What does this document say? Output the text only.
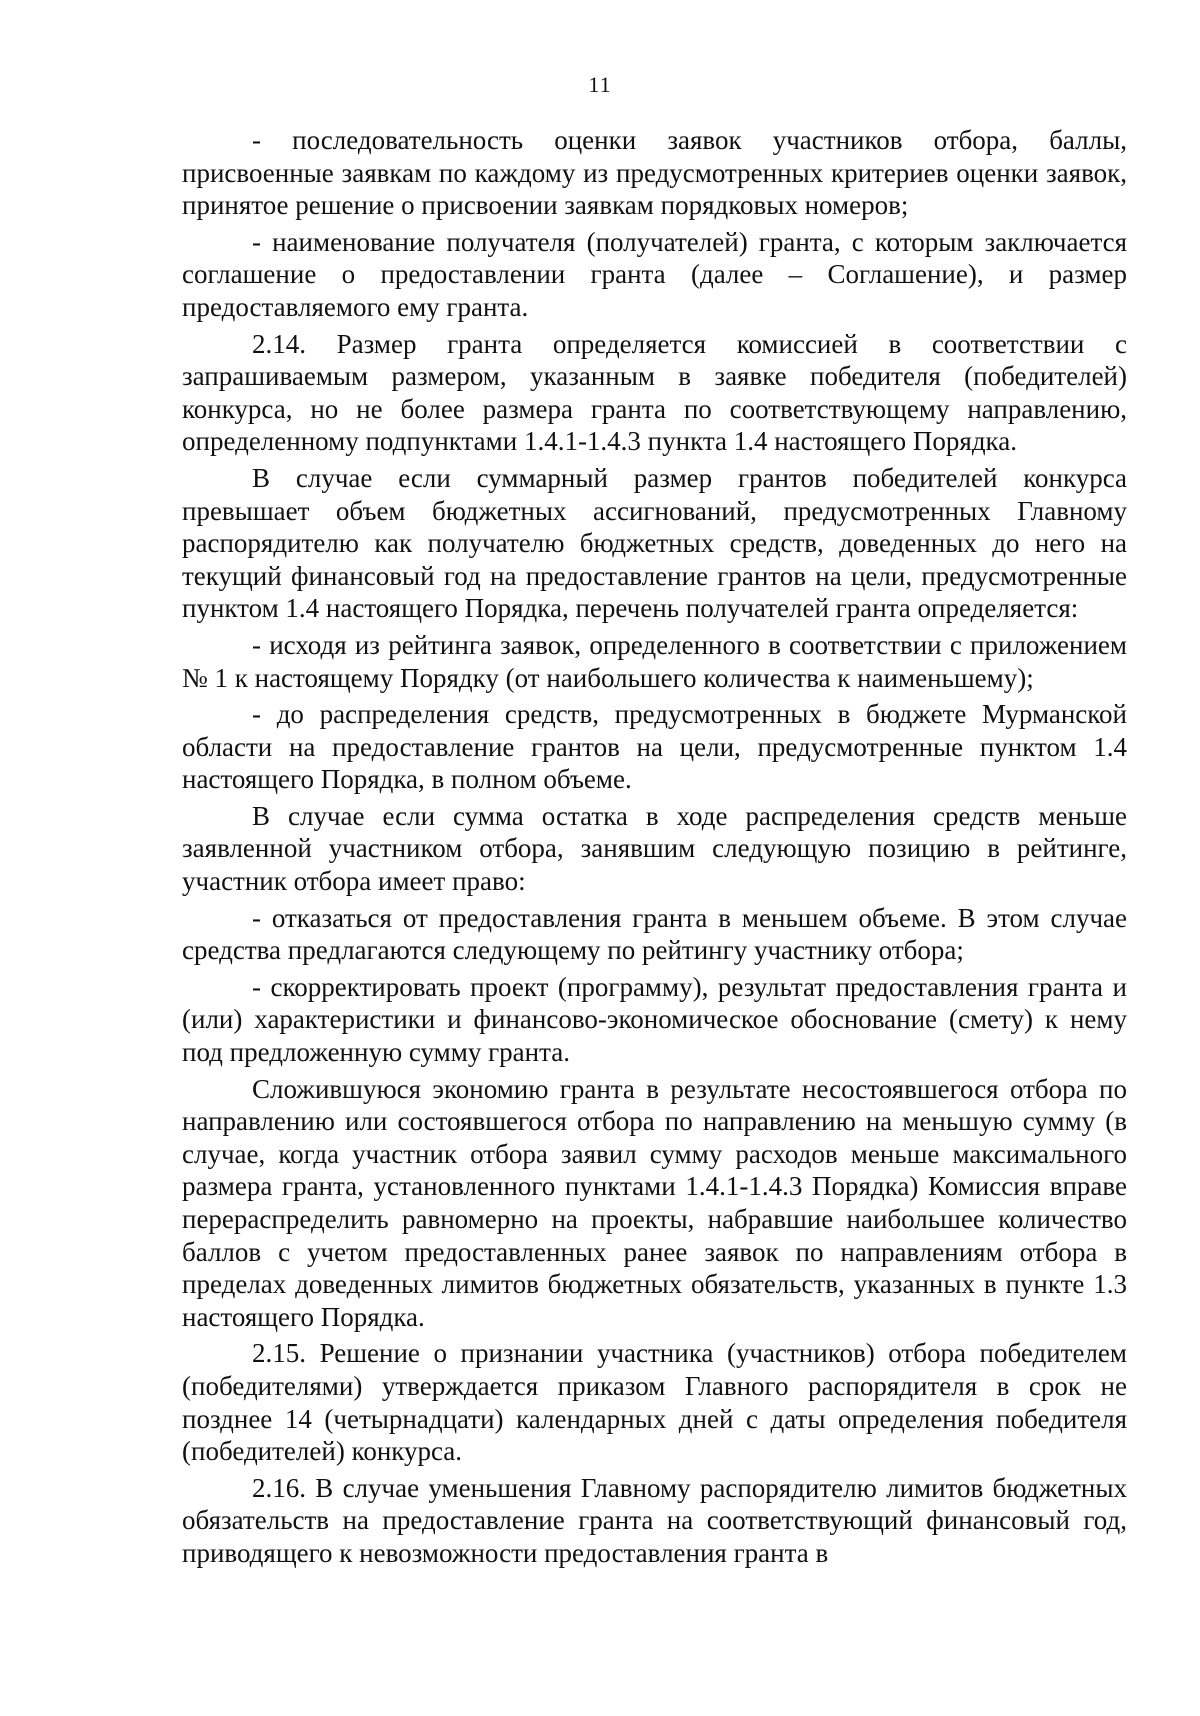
11

- последовательность оценки заявок участников отбора, баллы, присвоенные заявкам по каждому из предусмотренных критериев оценки заявок, принятое решение о присвоении заявкам порядковых номеров;

- наименование получателя (получателей) гранта, с которым заключается соглашение о предоставлении гранта (далее – Соглашение), и размер предоставляемого ему гранта.

2.14. Размер гранта определяется комиссией в соответствии с запрашиваемым размером, указанным в заявке победителя (победителей) конкурса, но не более размера гранта по соответствующему направлению, определенному подпунктами 1.4.1-1.4.3 пункта 1.4 настоящего Порядка.

В случае если суммарный размер грантов победителей конкурса превышает объем бюджетных ассигнований, предусмотренных Главному распорядителю как получателю бюджетных средств, доведенных до него на текущий финансовый год на предоставление грантов на цели, предусмотренные пунктом 1.4 настоящего Порядка, перечень получателей гранта определяется:

- исходя из рейтинга заявок, определенного в соответствии с приложением № 1 к настоящему Порядку (от наибольшего количества к наименьшему);

- до распределения средств, предусмотренных в бюджете Мурманской области на предоставление грантов на цели, предусмотренные пунктом 1.4 настоящего Порядка, в полном объеме.

В случае если сумма остатка в ходе распределения средств меньше заявленной участником отбора, занявшим следующую позицию в рейтинге, участник отбора имеет право:

- отказаться от предоставления гранта в меньшем объеме. В этом случае средства предлагаются следующему по рейтингу участнику отбора;

- скорректировать проект (программу), результат предоставления гранта и (или) характеристики и финансово-экономическое обоснование (смету) к нему под предложенную сумму гранта.

Сложившуюся экономию гранта в результате несостоявшегося отбора по направлению или состоявшегося отбора по направлению на меньшую сумму (в случае, когда участник отбора заявил сумму расходов меньше максимального размера гранта, установленного пунктами 1.4.1-1.4.3 Порядка) Комиссия вправе перераспределить равномерно на проекты, набравшие наибольшее количество баллов с учетом предоставленных ранее заявок по направлениям отбора в пределах доведенных лимитов бюджетных обязательств, указанных в пункте 1.3 настоящего Порядка.

2.15. Решение о признании участника (участников) отбора победителем (победителями) утверждается приказом Главного распорядителя в срок не позднее 14 (четырнадцати) календарных дней с даты определения победителя (победителей) конкурса.

2.16. В случае уменьшения Главному распорядителю лимитов бюджетных обязательств на предоставление гранта на соответствующий финансовый год, приводящего к невозможности предоставления гранта в
